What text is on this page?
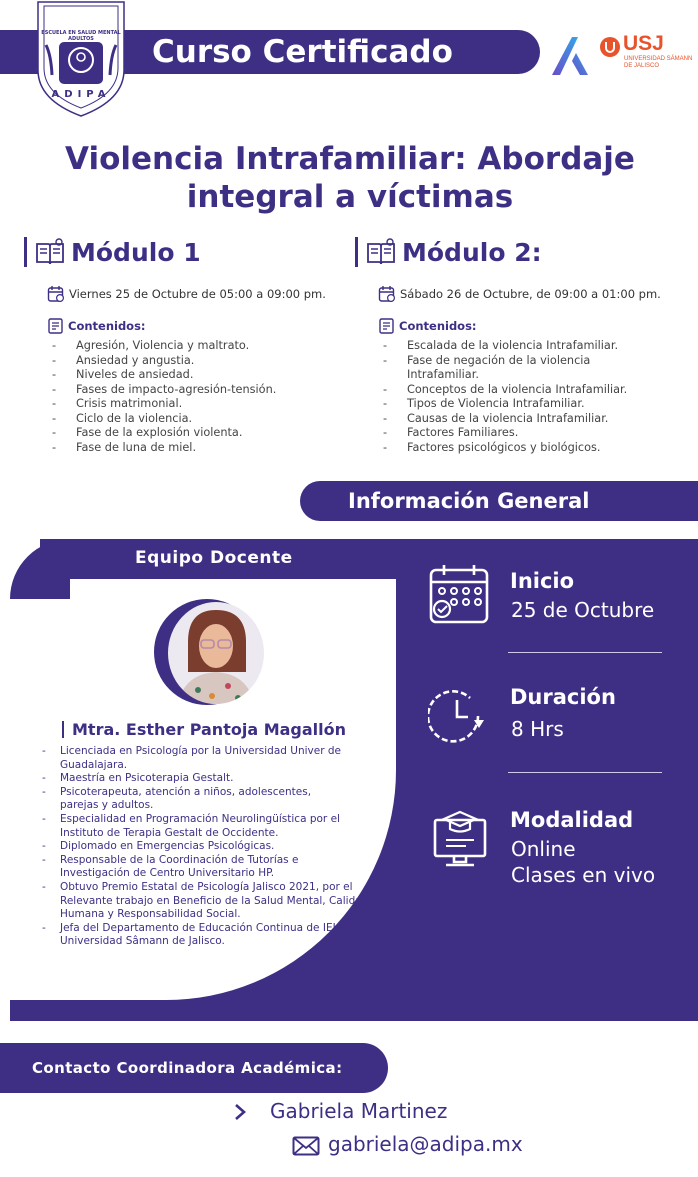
Curso Certificado
ESCUELA EN SALUD MENTAL ADULTOS
ADIPA
USJ
UNIVERSIDAD SÁMANN DE JALISCO
Violencia Intrafamiliar: Abordaje integral a víctimas
Módulo 1
Viernes 25 de Octubre de 05:00 a 09:00 pm.
Contenidos:
- Agresión, Violencia y maltrato.
- Ansiedad y angustia.
- Niveles de ansiedad.
- Fases de impacto-agresión-tensión.
- Crisis matrimonial.
- Ciclo de la violencia.
- Fase de la explosión violenta.
- Fase de luna de miel.
Módulo 2:
Sábado 26 de Octubre, de 09:00 a 01:00 pm.
Contenidos:
- Escalada de la violencia Intrafamiliar.
- Fase de negación de la violencia Intrafamiliar.
- Conceptos de la violencia Intrafamiliar.
- Tipos de Violencia Intrafamiliar.
- Causas de la violencia Intrafamiliar.
- Factores Familiares.
- Factores psicológicos y biológicos.
Información General
Equipo Docente
Mtra. Esther Pantoja Magallón
- Licenciada en Psicología por la Universidad Univer de Guadalajara.
- Maestría en Psicoterapia Gestalt.
- Psicoterapeuta, atención a niños, adolescentes, parejas y adultos.
- Especialidad en Programación Neurolingüística por el Instituto de Terapia Gestalt de Occidente.
- Diplomado en Emergencias Psicológicas.
- Responsable de la Coordinación de Tutorías e Investigación de Centro Universitario HP.
- Obtuvo Premio Estatal de Psicología Jalisco 2021, por el Relevante trabajo en Beneficio de la Salud Mental, Calidad Humana y Responsabilidad Social.
- Jefa del Departamento de Educación Continua de IEHP y Universidad Sâmann de Jalisco.
Inicio
25 de Octubre
Duración
8 Hrs
Modalidad
Online
Clases en vivo
Contacto Coordinadora Académica:
Gabriela Martinez
gabriela@adipa.mx
